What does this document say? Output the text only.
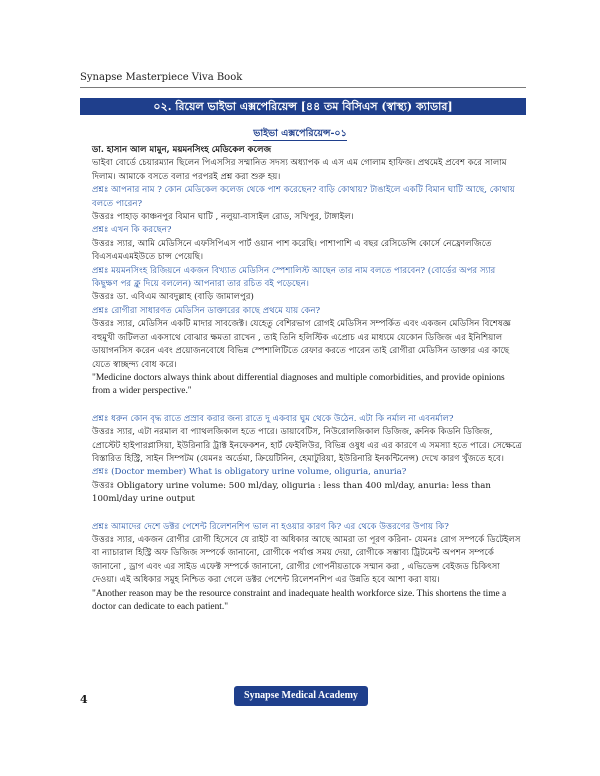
Synapse Masterpiece Viva Book
০২. রিয়েল ভাইভা এক্সপেরিয়েন্স [৪৪ তম বিসিএস (স্বাস্থ্য) ক্যাডার]
ভাইভা এক্সপেরিয়েন্স-০১

ডা. হাসান আল মামুন, ময়মনসিংহ মেডিকেল কলেজ

ভাইবা বোর্ডে চেয়ারম্যান ছিলেন পিএসসির সম্মানিত সদস্য অধ্যাপক এ এস এম গোলাম হাফিজ। প্রথমেই প্রবেশ করে সালাম দিলাম। আমাকে বসতে বলার পরপরই প্রশ্ন করা শুরু হয়।

প্রশ্নঃ আপনার নাম ? কোন মেডিকেল কলেজ থেকে পাশ করেছেন? বাড়ি কোথায়? টাঙাইলে একটি বিমান ঘাটি আছে, কোথায় বলতে পারেন?

উত্তরঃ পাহাড় কাঞ্চনপুর বিমান ঘাটি , নলুয়া-বাসাইল রোড, সখিপুর, টাঙ্গাইল।

প্রশ্নঃ এখন কি করছেন?

উত্তরঃ স্যার, আমি মেডিসিনে এফসিপিএস পার্ট ওয়ান পাশ করেছি। পাশাপাশি এ বছর রেসিডেন্সি কোর্সে নেফ্রোলজিতে বিএসএমএমইউতে চান্স পেয়েছি।

প্রশ্নঃ ময়মনসিংহ রিজিয়নে একজন বিখ্যাত মেডিসিন স্পেশালিস্ট আছেন তার নাম বলতে পারবেন? (বোর্ডের অপর স্যার কিছুক্ষণ পর ক্লু দিয়ে বললেন) আপনারা তার রচিত বই পড়েছেন।

উত্তরঃ ডা. এবিএম আবদুল্লাহ (বাড়ি জামালপুর)

প্রশ্নঃ রোগীরা সাধারণত মেডিসিন ডাক্তারের কাছে প্রথমে যায় কেন?

উত্তরঃ স্যার, মেডিসিন একটি মাদার সাবজেক্ট। যেহেতু বেশিরভাগ রোগই মেডিসিন সম্পর্কিত এবং একজন মেডিসিন বিশেষজ্ঞ বহুমুখী জটিলতা একসাথে বোঝার ক্ষমতা রাখেন , তাই তিনি হলিস্টিক এপ্রোচ এর মাধ্যমে যেকোন ডিজিজ এর ইনিশিয়াল ডায়াগনসিস করেন এবং প্রয়োজনবোধে বিভিন্ন স্পেশালিটিতে রেফার করতে পারেন তাই রোগীরা মেডিসিন ডাক্তার এর কাছে যেতে স্বাচ্ছন্দ্য বোধ করে।

"Medicine doctors always think about differential diagnoses and multiple comorbidities, and provide opinions from a wider perspective."

প্রশ্নঃ ধরুন কোন বৃদ্ধ রাতে প্রস্রাব করার জন্য রাতে দু একবার ঘুম থেকে উঠেন. এটা কি নর্মাল না এবনর্মাল?

উত্তরঃ স্যার, এটা নরমাল বা প্যাথলজিকাল হতে পারে। ডায়াবেটিস, নিউরোলজিকাল ডিজিজ, ক্রনিক কিডনি ডিজিজ, প্রোস্টেট হাইপারপ্লাসিয়া, ইউরিনারি ট্রাক্ট ইনফেকশন, হার্ট ফেইলিউর, বিভিন্ন ওষুধ এর এর কারণে এ সমস্যা হতে পারে। সেক্ষেত্রে বিস্তারিত হিস্ট্রি, সাইন সিম্পটম (যেমনঃ অর্ডেমা, ক্রিয়েটিনিন, হেমাটুরিয়া, ইউরিনারি ইনকন্টিনেন্স) দেখে কারণ খুঁজতে হবে।

প্রশ্নঃ (Doctor member) What is obligatory urine volume, oliguria, anuria?

উত্তরঃ Obligatory urine volume: 500 ml/day, oliguria : less than 400 ml/day, anuria: less than 100ml/day urine output

প্রশ্নঃ আমাদের দেশে ডক্টর পেশেন্ট রিলেশনশিপ ভাল না হওয়ার কারণ কি? এর থেকে উত্তরণের উপায় কি?

উত্তরঃ স্যার, একজন রোগীর রোগী হিসেবে যে রাইট বা অধিকার আছে আমরা তা পূরণ করিনা- যেমনঃ রোগ সম্পর্কে ডিটেইলস বা ন্যাচারাল হিস্ট্রি অফ ডিজিজ সম্পর্কে জানানো, রোগীকে পর্যাপ্ত সময় দেয়া, রোগীকে সম্ভাব্য ট্রিটমেন্ট অপশন সম্পর্কে জানানো , ড্রাগ এবং এর সাইড এফেক্ট সম্পর্কে জানানো, রোগীর গোপনীয়তাকে সম্মান করা , এভিডেন্স বেইজড চিকিৎসা দেওয়া। এই অধিকার সমুহ নিশ্চিত করা গেলে ডক্টর পেশেন্ট রিলেশনশিপ এর উন্নতি হবে আশা করা যায়।

"Another reason may be the resource constraint and inadequate health workforce size. This shortens the time a doctor can dedicate to each patient."

4	Synapse Medical Academy
